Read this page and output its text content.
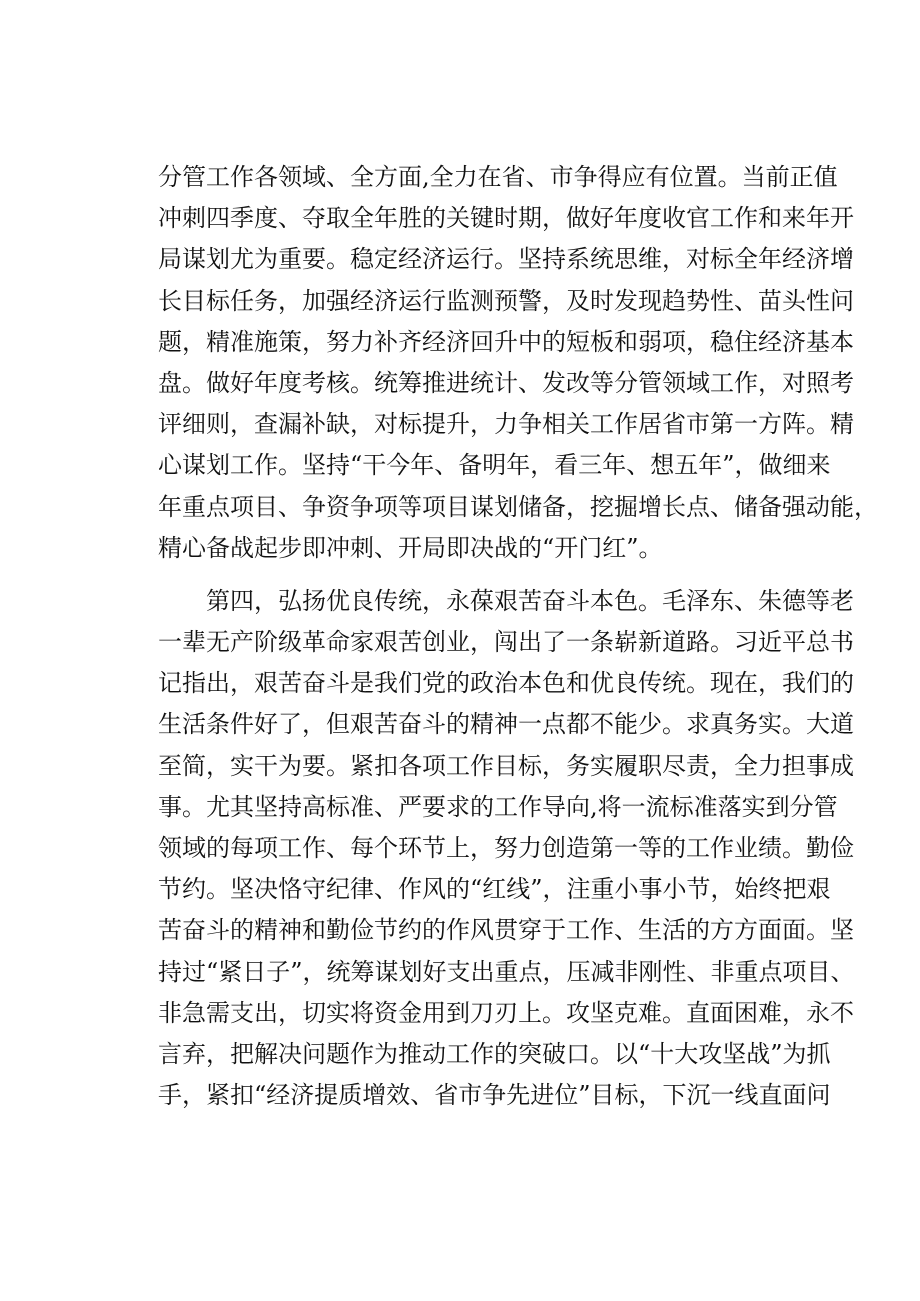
分管工作各领域、全方面,全力在省、市争得应有位置。当前正值
冲刺四季度、夺取全年胜的关键时期，做好年度收官工作和来年开
局谋划尤为重要。稳定经济运行。坚持系统思维，对标全年经济增
长目标任务，加强经济运行监测预警，及时发现趋势性、苗头性问
题，精准施策，努力补齐经济回升中的短板和弱项，稳住经济基本
盘。做好年度考核。统筹推进统计、发改等分管领域工作，对照考
评细则，查漏补缺，对标提升，力争相关工作居省市第一方阵。精
心谋划工作。坚持“干今年、备明年，看三年、想五年”，做细来
年重点项目、争资争项等项目谋划储备，挖掘增长点、储备强动能，
精心备战起步即冲刺、开局即决战的“开门红”。
第四，弘扬优良传统，永葆艰苦奋斗本色。毛泽东、朱德等老
一辈无产阶级革命家艰苦创业，闯出了一条崭新道路。习近平总书
记指出，艰苦奋斗是我们党的政治本色和优良传统。现在，我们的
生活条件好了，但艰苦奋斗的精神一点都不能少。求真务实。大道
至简，实干为要。紧扣各项工作目标，务实履职尽责，全力担事成
事。尤其坚持高标准、严要求的工作导向,将一流标准落实到分管
领域的每项工作、每个环节上，努力创造第一等的工作业绩。勤俭
节约。坚决恪守纪律、作风的“红线”，注重小事小节，始终把艰
苦奋斗的精神和勤俭节约的作风贯穿于工作、生活的方方面面。坚
持过“紧日子”，统筹谋划好支出重点，压减非刚性、非重点项目、
非急需支出，切实将资金用到刀刃上。攻坚克难。直面困难，永不
言弃，把解决问题作为推动工作的突破口。以“十大攻坚战”为抓
手，紧扣“经济提质增效、省市争先进位”目标，下沉一线直面问
